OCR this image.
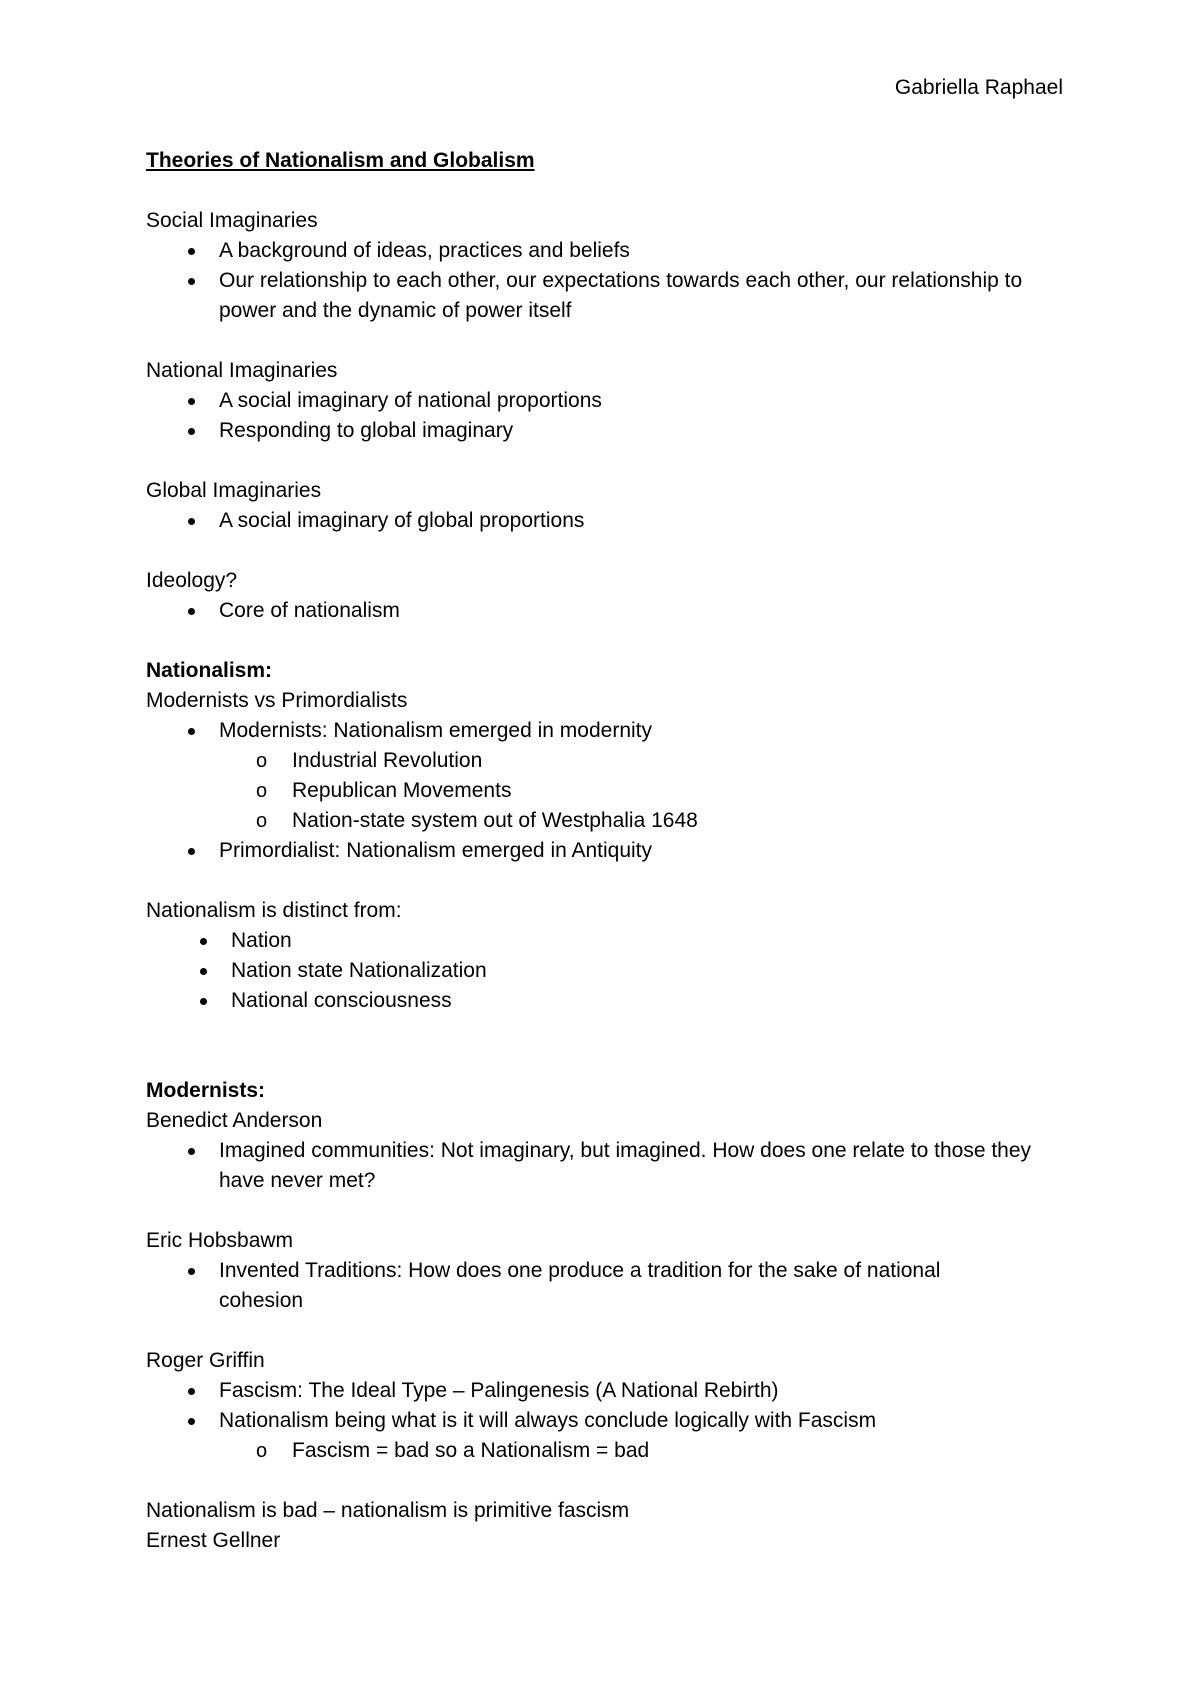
Gabriella Raphael
Theories of Nationalism and Globalism
Social Imaginaries
A background of ideas, practices and beliefs
Our relationship to each other, our expectations towards each other, our relationship to power and the dynamic of power itself
National Imaginaries
A social imaginary of national proportions
Responding to global imaginary
Global Imaginaries
A social imaginary of global proportions
Ideology?
Core of nationalism
Nationalism:
Modernists vs Primordialists
Modernists: Nationalism emerged in modernity
o Industrial Revolution
o Republican Movements
o Nation-state system out of Westphalia 1648
Primordialist: Nationalism emerged in Antiquity
Nationalism is distinct from:
Nation
Nation state Nationalization
National consciousness
Modernists:
Benedict Anderson
Imagined communities: Not imaginary, but imagined. How does one relate to those they have never met?
Eric Hobsbawm
Invented Traditions: How does one produce a tradition for the sake of national cohesion
Roger Griffin
Fascism: The Ideal Type – Palingenesis (A National Rebirth)
Nationalism being what is it will always conclude logically with Fascism
o Fascism = bad so a Nationalism = bad
Nationalism is bad – nationalism is primitive fascism
Ernest Gellner
